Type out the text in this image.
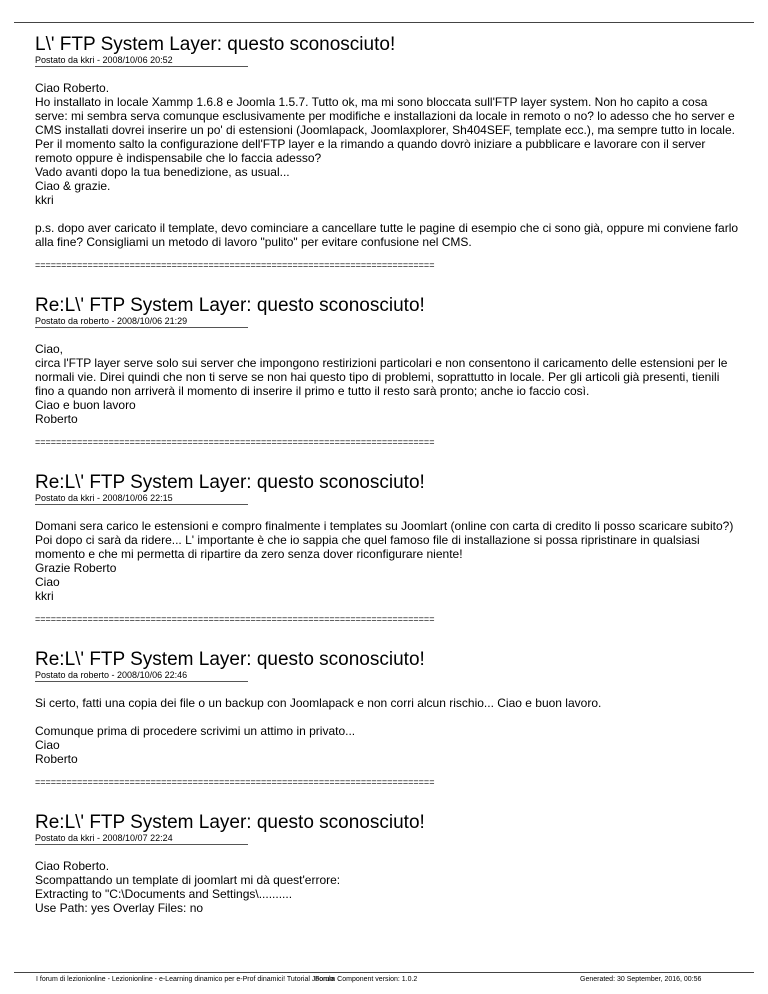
L\' FTP System Layer: questo sconosciuto!
Postato da kkri - 2008/10/06 20:52

Ciao Roberto.

Ho installato in locale Xammp 1.6.8 e Joomla 1.5.7. Tutto ok, ma mi sono bloccata sull'FTP layer system. Non ho capito a cosa serve: mi sembra serva comunque esclusivamente per modifiche e installazioni da locale in remoto o no? lo adesso che ho server e CMS installati dovrei inserire un po' di estensioni (Joomlapack, Joomlaxplorer, Sh404SEF, template ecc.), ma sempre tutto in locale. Per il momento salto la configurazione dell'FTP layer e la rimando a quando dovrò iniziare a pubblicare e lavorare con il server remoto oppure è indispensabile che lo faccia adesso?

Vado avanti dopo la tua benedizione, as usual...

Ciao & grazie.

kkri

p.s. dopo aver caricato il template, devo cominciare a cancellare tutte le pagine di esempio che ci sono già, oppure mi conviene farlo alla fine? Consigliami un metodo di lavoro "pulito" per evitare confusione nel CMS.

============================================================================
Re:L\' FTP System Layer: questo sconosciuto!
Postato da roberto - 2008/10/06 21:29

Ciao,

circa l'FTP layer serve solo sui server che impongono restirizioni particolari e non consentono il caricamento delle estensioni per le normali vie. Direi quindi che non ti serve se non hai questo tipo di problemi, soprattutto in locale. Per gli articoli già presenti, tienili fino a quando non arriverà il momento di inserire il primo e tutto il resto sarà pronto; anche io faccio così.

Ciao e buon lavoro

Roberto

============================================================================
Re:L\' FTP System Layer: questo sconosciuto!
Postato da kkri - 2008/10/06 22:15

Domani sera carico le estensioni e compro finalmente i templates su Joomlart (online con carta di credito li posso scaricare subito?) Poi dopo ci sarà da ridere... L' importante è che io sappia che quel famoso file di installazione si possa ripristinare in qualsiasi momento e che mi permetta di ripartire da zero senza dover riconfigurare niente!

Grazie Roberto

Ciao

kkri

============================================================================
Re:L\' FTP System Layer: questo sconosciuto!
Postato da roberto - 2008/10/06 22:46

Si certo, fatti una copia dei file o un backup con Joomlapack e non corri alcun rischio... Ciao e buon lavoro.

Comunque prima di procedere scrivimi un attimo in privato...

Ciao

Roberto

============================================================================
Re:L\' FTP System Layer: questo sconosciuto!
Postato da kkri - 2008/10/07 22:24

Ciao Roberto.

Scompattando un template di joomlart mi dà quest'errore:

Extracting to "C:\Documents and Settings\..........

Use Path: yes Overlay Files: no

I forum di lezionionline - Lezionionline - e-Learning dinamico per e-Prof dinamici! Tutorial Joomla
Forum Component version: 1.0.2	Generated: 30 September, 2016, 00:56
